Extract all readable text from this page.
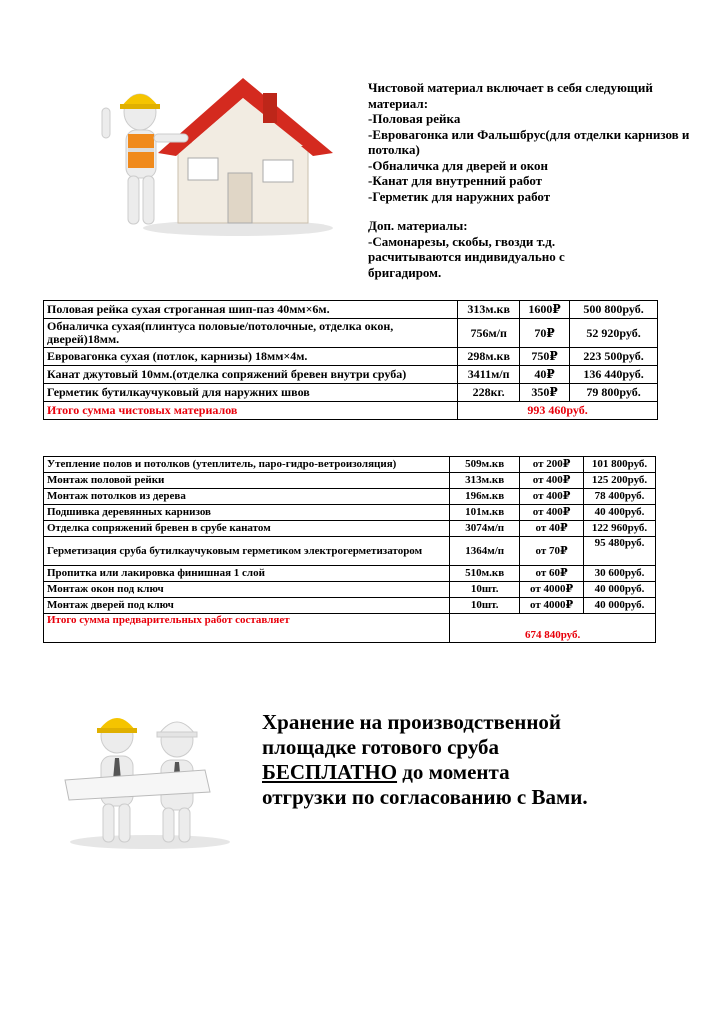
Чистовой материал включает в себя следующий материал:
-Половая рейка
-Евровагонка или Фальшбрус(для отделки карнизов и потолка)
-Обналичка для дверей и окон
-Канат для внутренний работ
-Герметик для наружних работ
Доп. материалы:
-Самонарезы, скобы, гвозди т.д. расчитываются индивидуально с бригадиром.
Половая рейка сухая строганная шип-паз 40мм×6м.	313м.кв	1600₽	500 800руб.
Обналичка сухая(плинтуса половые/потолочные, отделка окон, дверей)18мм.	756м/п	70₽	52 920руб.
Евровагонка сухая (потлок, карнизы) 18мм×4м.	298м.кв	750₽	223 500руб.
Канат джутовый 10мм.(отделка сопряжений бревен внутри сруба)	3411м/п	40₽	136 440руб.
Герметик бутилкаучуковый для наружних швов	228кг.	350₽	79 800руб.
Итого сумма чистовых материалов	993 460руб.		
Утепление полов и потолков (утеплитель, паро-гидро-ветроизоляция)	509м.кв	от 200₽	101 800руб.
Монтаж половой рейки	313м.кв	от 400₽	125 200руб.
Монтаж потолков из дерева	196м.кв	от 400₽	78 400руб.
Подшивка деревянных карнизов	101м.кв	от 400₽	40 400руб.
Отделка сопряжений бревен в срубе канатом	3074м/п	от 40₽	122 960руб.
Герметизация сруба бутилкаучуковым герметиком электрогерметизатором	1364м/п	от 70₽	95 480руб.
Пропитка или лакировка финишная 1 слой	510м.кв	от 60₽	30 600руб.
Монтаж окон под ключ	10шт.	от 4000₽	40 000руб.
Монтаж дверей под ключ	10шт.	от 4000₽	40 000руб.
Итого сумма предварительных работ составляет	674 840руб.		
Хранение на производственной
площадке готового сруба
БЕСПЛАТНО до момента
отгрузки по согласованию с Вами.
